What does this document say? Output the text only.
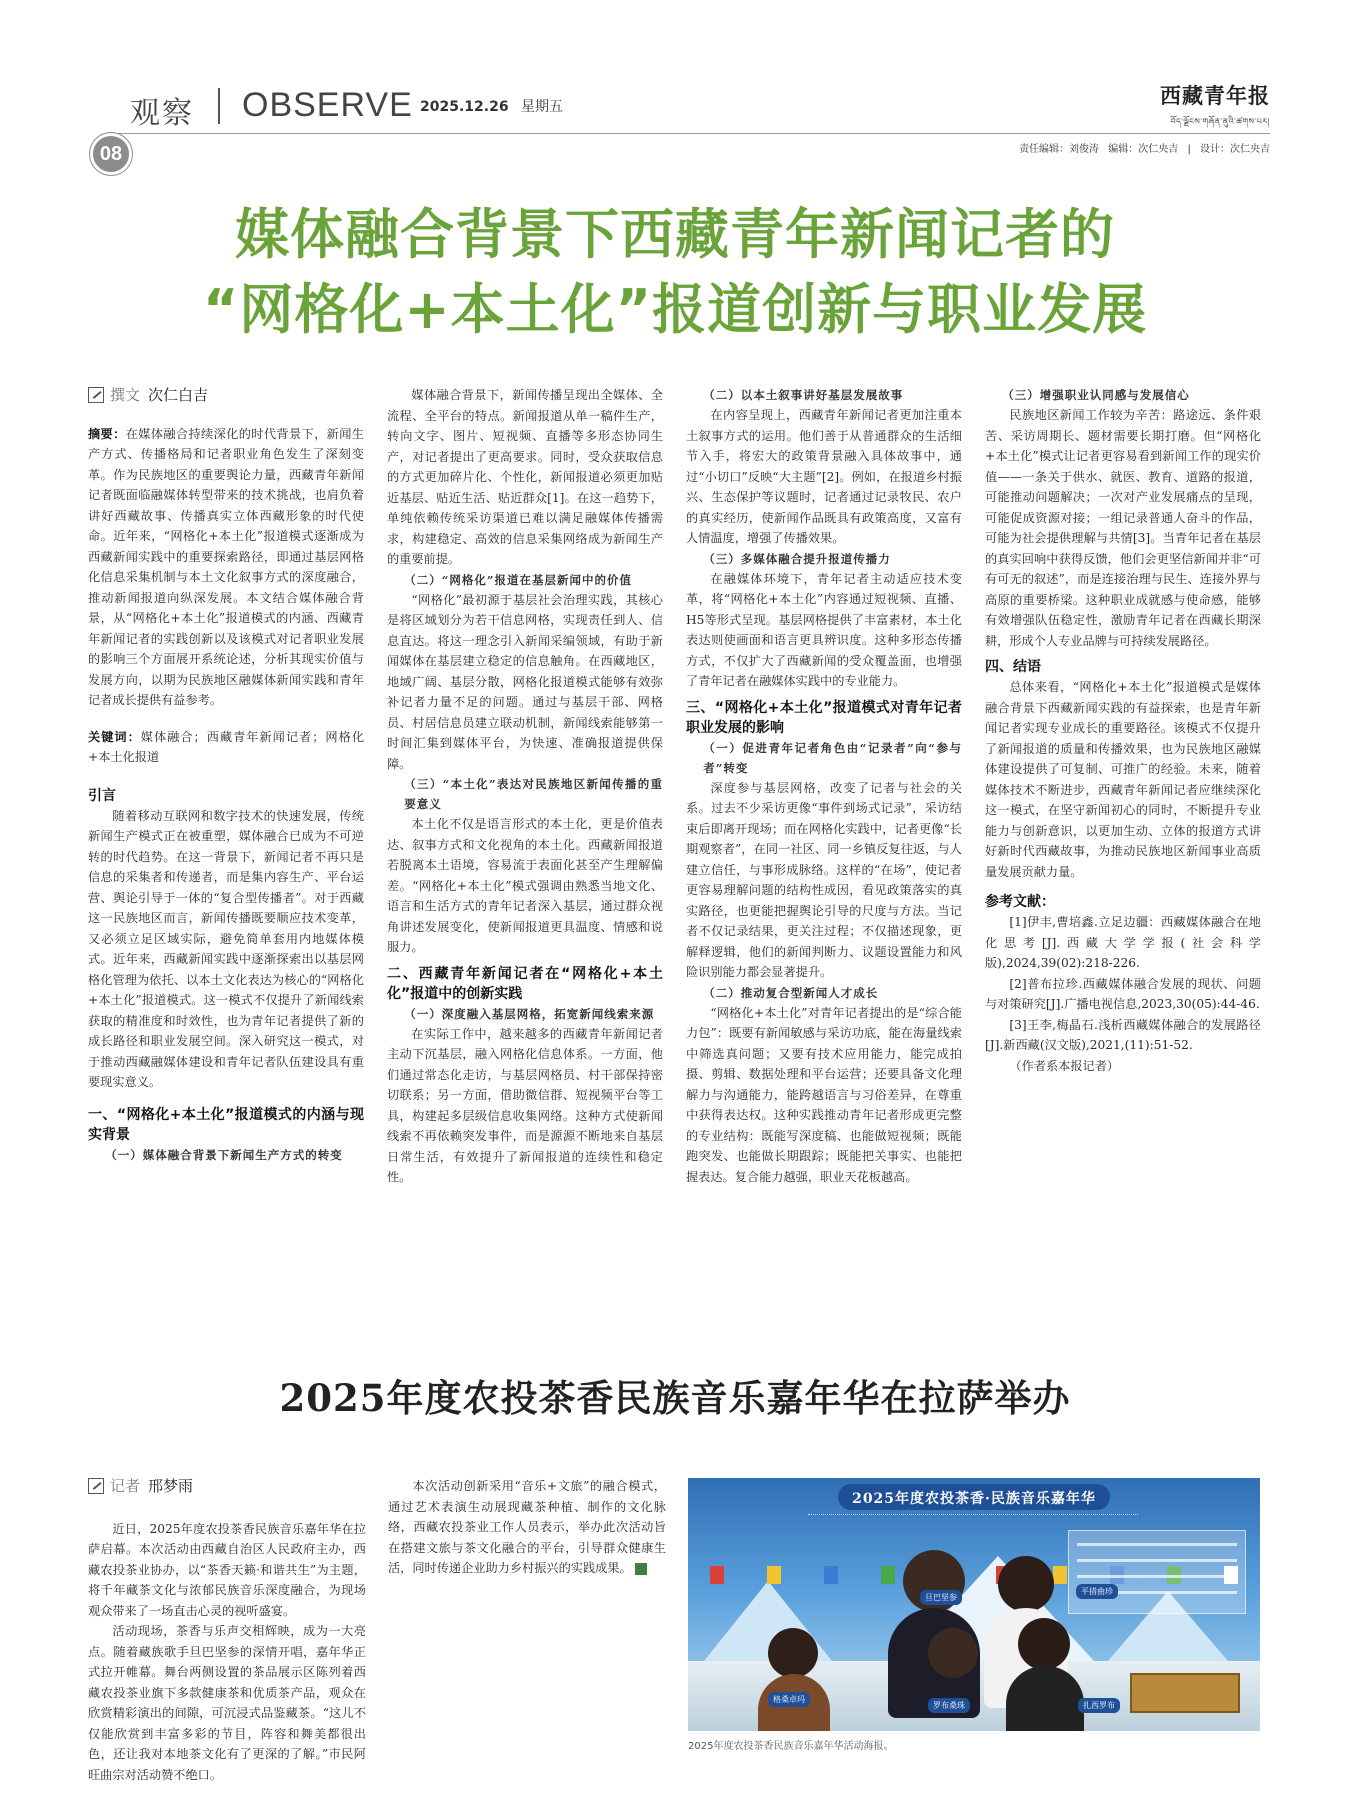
观察 OBSERVE 2025.12.26 星期五	西藏青年报
བོད་ལྗོངས་གཞོན་ནུའི་ཚགས་པར།
08	责任编辑：刘俊涛 编辑：次仁央吉 | 设计：次仁央吉
媒体融合背景下西藏青年新闻记者的
“网格化+本土化”报道创新与职业发展
撰文 次仁白吉

摘要：在媒体融合持续深化的时代背景下，新闻生产方式、传播格局和记者职业角色发生了深刻变革。作为民族地区的重要舆论力量，西藏青年新闻记者既面临融媒体转型带来的技术挑战，也肩负着讲好西藏故事、传播真实立体西藏形象的时代使命。近年来，“网格化+本土化”报道模式逐渐成为西藏新闻实践中的重要探索路径，即通过基层网格化信息采集机制与本土文化叙事方式的深度融合，推动新闻报道向纵深发展。本文结合媒体融合背景，从“网格化+本土化”报道模式的内涵、西藏青年新闻记者的实践创新以及该模式对记者职业发展的影响三个方面展开系统论述，分析其现实价值与发展方向，以期为民族地区融媒体新闻实践和青年记者成长提供有益参考。

关键词：媒体融合；西藏青年新闻记者；网格化+本土化报道

引言

随着移动互联网和数字技术的快速发展，传统新闻生产模式正在被重塑，媒体融合已成为不可逆转的时代趋势。在这一背景下，新闻记者不再只是信息的采集者和传递者，而是集内容生产、平台运营、舆论引导于一体的“复合型传播者”。对于西藏这一民族地区而言，新闻传播既要顺应技术变革，又必须立足区域实际，避免简单套用内地媒体模式。近年来，西藏新闻实践中逐渐探索出以基层网格化管理为依托、以本土文化表达为核心的“网格化+本土化”报道模式。这一模式不仅提升了新闻线索获取的精准度和时效性，也为青年记者提供了新的成长路径和职业发展空间。深入研究这一模式，对于推动西藏融媒体建设和青年记者队伍建设具有重要现实意义。

一、“网格化+本土化”报道模式的内涵与现实背景
（一）媒体融合背景下新闻生产方式的转变

媒体融合背景下，新闻传播呈现出全媒体、全流程、全平台的特点。新闻报道从单一稿件生产，转向文字、图片、短视频、直播等多形态协同生产，对记者提出了更高要求。同时，受众获取信息的方式更加碎片化、个性化，新闻报道必须更加贴近基层、贴近生活、贴近群众[1]。在这一趋势下，单纯依赖传统采访渠道已难以满足融媒体传播需求，构建稳定、高效的信息采集网络成为新闻生产的重要前提。

（二）“网格化”报道在基层新闻中的价值

“网格化”最初源于基层社会治理实践，其核心是将区域划分为若干信息网格，实现责任到人、信息直达。将这一理念引入新闻采编领域，有助于新闻媒体在基层建立稳定的信息触角。在西藏地区，地域广阔、基层分散，网格化报道模式能够有效弥补记者力量不足的问题。通过与基层干部、网格员、村居信息员建立联动机制，新闻线索能够第一时间汇集到媒体平台，为快速、准确报道提供保障。

（三）“本土化”表达对民族地区新闻传播的重要意义

本土化不仅是语言形式的本土化，更是价值表达、叙事方式和文化视角的本土化。西藏新闻报道若脱离本土语境，容易流于表面化甚至产生理解偏差。“网格化+本土化”模式强调由熟悉当地文化、语言和生活方式的青年记者深入基层，通过群众视角讲述发展变化，使新闻报道更具温度、情感和说服力。

二、西藏青年新闻记者在“网格化+本土化”报道中的创新实践
（一）深度融入基层网格，拓宽新闻线索来源

在实际工作中，越来越多的西藏青年新闻记者主动下沉基层，融入网格化信息体系。一方面，他们通过常态化走访，与基层网格员、村干部保持密切联系；另一方面，借助微信群、短视频平台等工具，构建起多层级信息收集网络。这种方式使新闻线索不再依赖突发事件，而是源源不断地来自基层日常生活，有效提升了新闻报道的连续性和稳定性。

（二）以本土叙事讲好基层发展故事

在内容呈现上，西藏青年新闻记者更加注重本土叙事方式的运用。他们善于从普通群众的生活细节入手，将宏大的政策背景融入具体故事中，通过“小切口”反映“大主题”[2]。例如，在报道乡村振兴、生态保护等议题时，记者通过记录牧民、农户的真实经历，使新闻作品既具有政策高度，又富有人情温度，增强了传播效果。

（三）多媒体融合提升报道传播力

在融媒体环境下，青年记者主动适应技术变革，将“网格化+本土化”内容通过短视频、直播、H5等形式呈现。基层网格提供了丰富素材，本土化表达则使画面和语言更具辨识度。这种多形态传播方式，不仅扩大了西藏新闻的受众覆盖面，也增强了青年记者在融媒体实践中的专业能力。

三、“网格化+本土化”报道模式对青年记者职业发展的影响
（一）促进青年记者角色由“记录者”向“参与者”转变

深度参与基层网格，改变了记者与社会的关系。过去不少采访更像“事件到场式记录”，采访结束后即离开现场；而在网格化实践中，记者更像“长期观察者”，在同一社区、同一乡镇反复往返，与人建立信任，与事形成脉络。这样的“在场”，使记者更容易理解问题的结构性成因，看见政策落实的真实路径，也更能把握舆论引导的尺度与方法。当记者不仅记录结果，更关注过程；不仅描述现象，更解释逻辑，他们的新闻判断力、议题设置能力和风险识别能力都会显著提升。

（二）推动复合型新闻人才成长

“网格化+本土化”对青年记者提出的是“综合能力包”：既要有新闻敏感与采访功底，能在海量线索中筛选真问题；又要有技术应用能力，能完成拍摄、剪辑、数据处理和平台运营；还要具备文化理解力与沟通能力，能跨越语言与习俗差异，在尊重中获得表达权。这种实践推动青年记者形成更完整的专业结构：既能写深度稿、也能做短视频；既能跑突发、也能做长期跟踪；既能把关事实、也能把握表达。复合能力越强，职业天花板越高。

（三）增强职业认同感与发展信心

民族地区新闻工作较为辛苦：路途远、条件艰苦、采访周期长、题材需要长期打磨。但“网格化+本土化”模式让记者更容易看到新闻工作的现实价值——一条关于供水、就医、教育、道路的报道，可能推动问题解决；一次对产业发展痛点的呈现，可能促成资源对接；一组记录普通人奋斗的作品，可能为社会提供理解与共情[3]。当青年记者在基层的真实回响中获得反馈，他们会更坚信新闻并非“可有可无的叙述”，而是连接治理与民生、连接外界与高原的重要桥梁。这种职业成就感与使命感，能够有效增强队伍稳定性，激励青年记者在西藏长期深耕，形成个人专业品牌与可持续发展路径。

四、结语

总体来看，“网格化+本土化”报道模式是媒体融合背景下西藏新闻实践的有益探索，也是青年新闻记者实现专业成长的重要路径。该模式不仅提升了新闻报道的质量和传播效果，也为民族地区融媒体建设提供了可复制、可推广的经验。未来，随着媒体技术不断进步，西藏青年新闻记者应继续深化这一模式，在坚守新闻初心的同时，不断提升专业能力与创新意识，以更加生动、立体的报道方式讲好新时代西藏故事，为推动民族地区新闻事业高质量发展贡献力量。

参考文献：

[1]伊丰,曹培鑫.立足边疆：西藏媒体融合在地化思考[J].西藏大学学报(社会科学版),2024,39(02):218-226.

[2]普布拉珍.西藏媒体融合发展的现状、问题与对策研究[J].广播电视信息,2023,30(05):44-46.

[3]王李,梅晶石.浅析西藏媒体融合的发展路径[J].新西藏(汉文版),2021,(11):51-52.

（作者系本报记者）

2025年度农投茶香民族音乐嘉年华在拉萨举办
记者 邢梦雨

近日，2025年度农投茶香民族音乐嘉年华在拉萨启幕。本次活动由西藏自治区人民政府主办，西藏农投茶业协办，以“茶香天籁·和谐共生”为主题，将千年藏茶文化与浓郁民族音乐深度融合，为现场观众带来了一场直击心灵的视听盛宴。

活动现场，茶香与乐声交相辉映，成为一大亮点。随着藏族歌手旦巴坚参的深情开唱，嘉年华正式拉开帷幕。舞台两侧设置的茶品展示区陈列着西藏农投茶业旗下多款健康茶和优质茶产品，观众在欣赏精彩演出的间隙，可沉浸式品鉴藏茶。“这儿不仅能欣赏到丰富多彩的节目，阵容和舞美都很出色，还让我对本地茶文化有了更深的了解。”市民阿旺曲宗对活动赞不绝口。

本次活动创新采用“音乐+文旅”的融合模式，通过艺术表演生动展现藏茶种植、制作的文化脉络，西藏农投茶业工作人员表示，举办此次活动旨在搭建文旅与茶文化融合的平台，引导群众健康生活，同时传递企业助力乡村振兴的实践成果。

2025年度农投茶香·民族音乐嘉年华
旦巴坚参
平措曲珍
格桑卓玛
罗布桑珠	扎西罗布
2025年度农投茶香民族音乐嘉年华活动海报。
